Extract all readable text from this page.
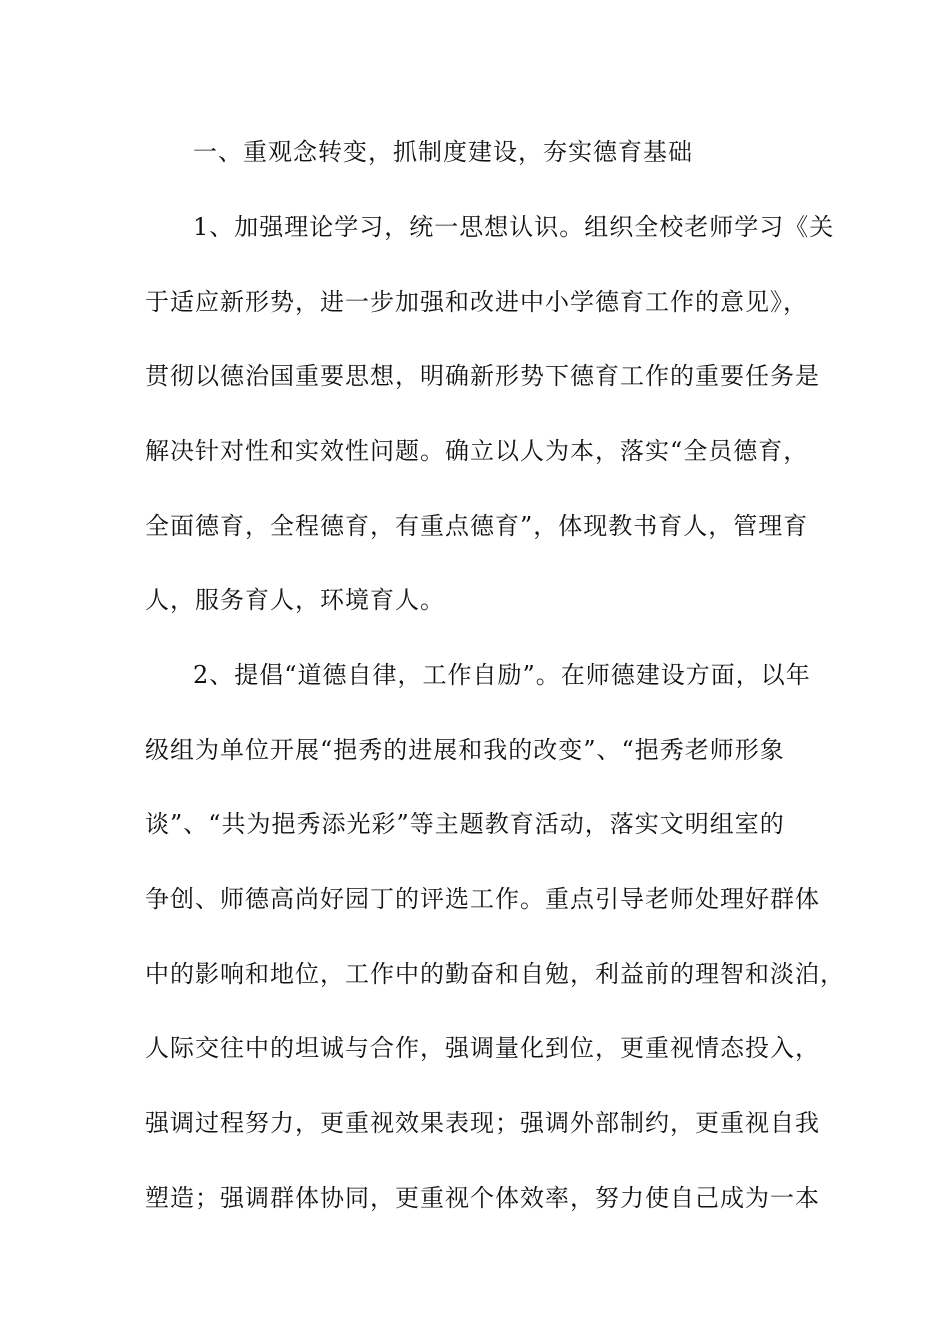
一、重观念转变，抓制度建设，夯实德育基础
1、加强理论学习，统一思想认识。组织全校老师学习《关
于适应新形势，进一步加强和改进中小学德育工作的意见》，
贯彻以德治国重要思想，明确新形势下德育工作的重要任务是
解决针对性和实效性问题。确立以人为本，落实“全员德育，
全面德育，全程德育，有重点德育”，体现教书育人，管理育
人，服务育人，环境育人。
2、提倡“道德自律，工作自励”。在师德建设方面，以年
级组为单位开展“挹秀的进展和我的改变”、“挹秀老师形象
谈”、“共为挹秀添光彩”等主题教育活动，落实文明组室的
争创、师德高尚好园丁的评选工作。重点引导老师处理好群体
中的影响和地位，工作中的勤奋和自勉，利益前的理智和淡泊，
人际交往中的坦诚与合作，强调量化到位，更重视情态投入，
强调过程努力，更重视效果表现；强调外部制约，更重视自我
塑造；强调群体协同，更重视个体效率，努力使自己成为一本
